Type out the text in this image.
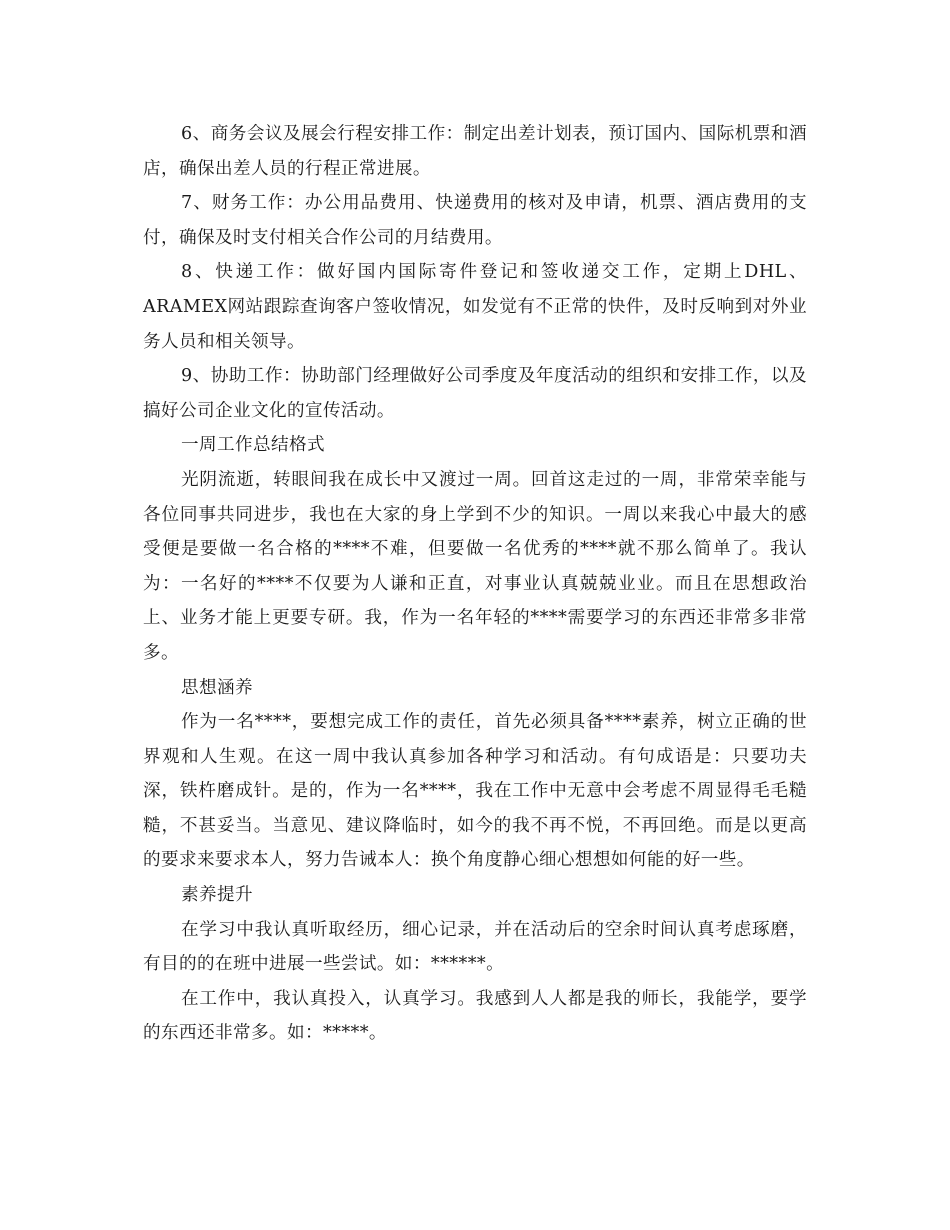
6、商务会议及展会行程安排工作：制定出差计划表，预订国内、国际机票和酒店，确保出差人员的行程正常进展。

7、财务工作：办公用品费用、快递费用的核对及申请，机票、酒店费用的支付，确保及时支付相关合作公司的月结费用。

8、快递工作：做好国内国际寄件登记和签收递交工作，定期上DHL、ARAMEX网站跟踪查询客户签收情况，如发觉有不正常的快件，及时反响到对外业务人员和相关领导。

9、协助工作：协助部门经理做好公司季度及年度活动的组织和安排工作，以及搞好公司企业文化的宣传活动。

一周工作总结格式

光阴流逝，转眼间我在成长中又渡过一周。回首这走过的一周，非常荣幸能与各位同事共同进步，我也在大家的身上学到不少的知识。一周以来我心中最大的感受便是要做一名合格的****不难，但要做一名优秀的****就不那么简单了。我认为：一名好的****不仅要为人谦和正直，对事业认真兢兢业业。而且在思想政治上、业务才能上更要专研。我，作为一名年轻的****需要学习的东西还非常多非常多。

思想涵养

作为一名****，要想完成工作的责任，首先必须具备****素养，树立正确的世界观和人生观。在这一周中我认真参加各种学习和活动。有句成语是：只要功夫深，铁杵磨成针。是的，作为一名****，我在工作中无意中会考虑不周显得毛毛糙糙，不甚妥当。当意见、建议降临时，如今的我不再不悦，不再回绝。而是以更高的要求来要求本人，努力告诫本人：换个角度静心细心想想如何能的好一些。

素养提升

在学习中我认真听取经历，细心记录，并在活动后的空余时间认真考虑琢磨，有目的的在班中进展一些尝试。如：******。

在工作中，我认真投入，认真学习。我感到人人都是我的师长，我能学，要学的东西还非常多。如：*****。
